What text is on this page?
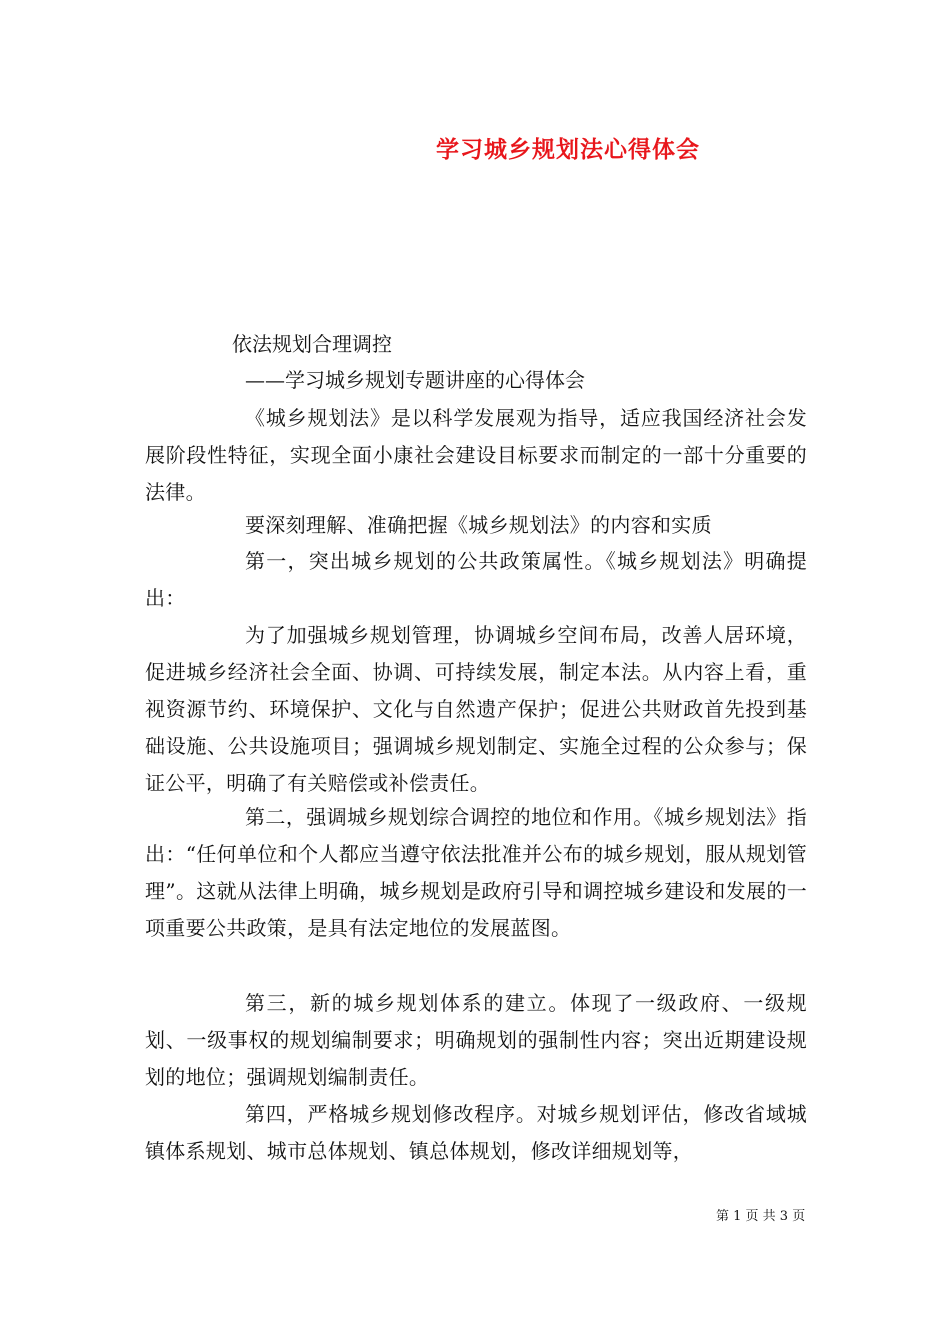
学习城乡规划法心得体会

依法规划合理调控

——学习城乡规划专题讲座的心得体会

《城乡规划法》是以科学发展观为指导，适应我国经济社会发展阶段性特征，实现全面小康社会建设目标要求而制定的一部十分重要的法律。

要深刻理解、准确把握《城乡规划法》的内容和实质

第一，突出城乡规划的公共政策属性。《城乡规划法》明确提出：

为了加强城乡规划管理，协调城乡空间布局，改善人居环境，促进城乡经济社会全面、协调、可持续发展，制定本法。从内容上看，重视资源节约、环境保护、文化与自然遗产保护；促进公共财政首先投到基础设施、公共设施项目；强调城乡规划制定、实施全过程的公众参与；保证公平，明确了有关赔偿或补偿责任。

第二，强调城乡规划综合调控的地位和作用。《城乡规划法》指出：“任何单位和个人都应当遵守依法批准并公布的城乡规划，服从规划管理”。这就从法律上明确，城乡规划是政府引导和调控城乡建设和发展的一项重要公共政策，是具有法定地位的发展蓝图。

第三，新的城乡规划体系的建立。体现了一级政府、一级规划、一级事权的规划编制要求；明确规划的强制性内容；突出近期建设规划的地位；强调规划编制责任。

第四，严格城乡规划修改程序。对城乡规划评估，修改省域城镇体系规划、城市总体规划、镇总体规划，修改详细规划等，

第 1 页 共 3 页
